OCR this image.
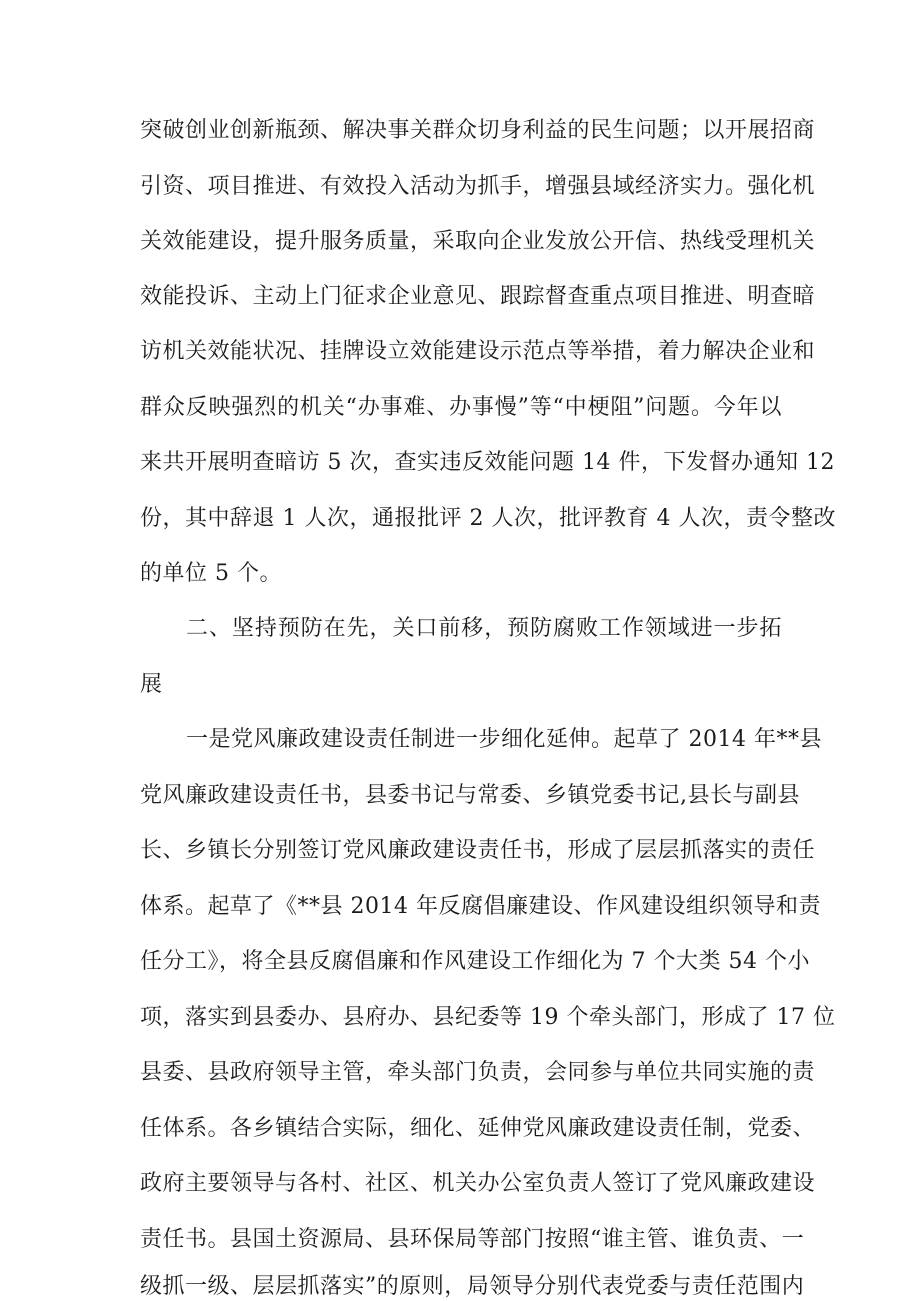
突破创业创新瓶颈、解决事关群众切身利益的民生问题；以开展招商
引资、项目推进、有效投入活动为抓手，增强县域经济实力。强化机
关效能建设，提升服务质量，采取向企业发放公开信、热线受理机关
效能投诉、主动上门征求企业意见、跟踪督查重点项目推进、明查暗
访机关效能状况、挂牌设立效能建设示范点等举措，着力解决企业和
群众反映强烈的机关“办事难、办事慢”等“中梗阻”问题。今年以
来共开展明查暗访 5 次，查实违反效能问题 14 件，下发督办通知 12
份，其中辞退 1 人次，通报批评 2 人次，批评教育 4 人次，责令整改
的单位 5 个。
二、坚持预防在先，关口前移，预防腐败工作领域进一步拓
展
一是党风廉政建设责任制进一步细化延伸。起草了 2014 年**县
党风廉政建设责任书，县委书记与常委、乡镇党委书记,县长与副县
长、乡镇长分别签订党风廉政建设责任书，形成了层层抓落实的责任
体系。起草了《**县 2014 年反腐倡廉建设、作风建设组织领导和责
任分工》，将全县反腐倡廉和作风建设工作细化为 7 个大类 54 个小
项，落实到县委办、县府办、县纪委等 19 个牵头部门，形成了 17 位
县委、县政府领导主管，牵头部门负责，会同参与单位共同实施的责
任体系。各乡镇结合实际，细化、延伸党风廉政建设责任制，党委、
政府主要领导与各村、社区、机关办公室负责人签订了党风廉政建设
责任书。县国土资源局、县环保局等部门按照“谁主管、谁负责、一
级抓一级、层层抓落实”的原则，局领导分别代表党委与责任范围内
